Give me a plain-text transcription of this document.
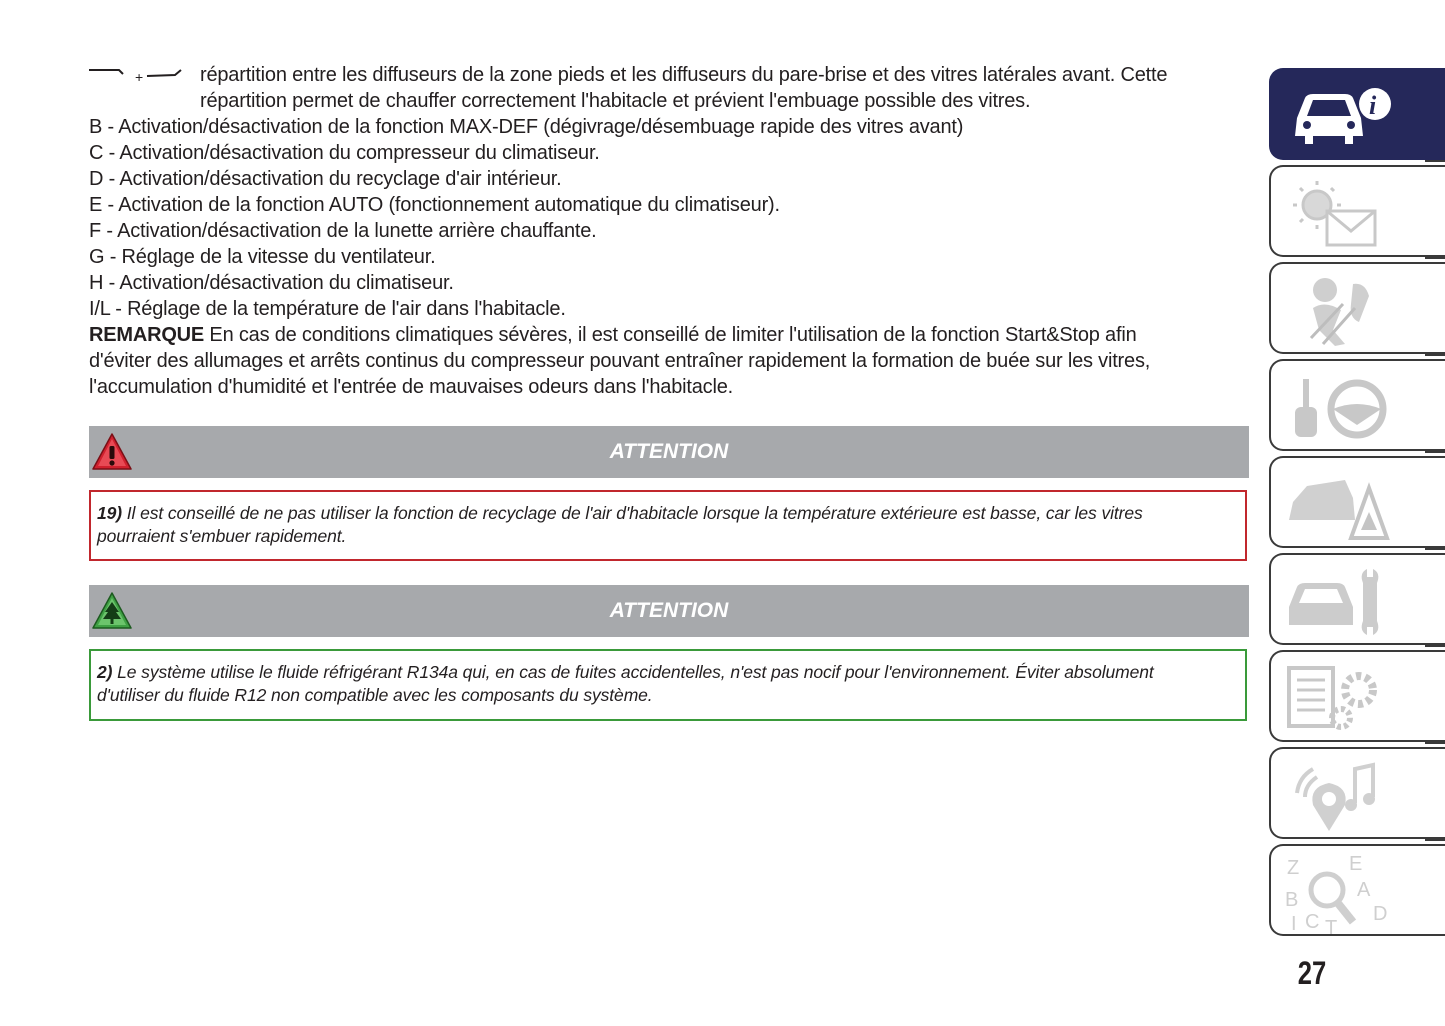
+	répartition entre les diffuseurs de la zone pieds et les diffuseurs du pare-brise et des vitres latérales avant. Cette
répartition permet de chauffer correctement l'habitacle et prévient l'embuage possible des vitres.
B - Activation/désactivation de la fonction MAX-DEF (dégivrage/désembuage rapide des vitres avant)
C - Activation/désactivation du compresseur du climatiseur.
D - Activation/désactivation du recyclage d'air intérieur.
E - Activation de la fonction AUTO (fonctionnement automatique du climatiseur).
F - Activation/désactivation de la lunette arrière chauffante.
G - Réglage de la vitesse du ventilateur.
H - Activation/désactivation du climatiseur.
I/L - Réglage de la température de l'air dans l'habitacle.
REMARQUE En cas de conditions climatiques sévères, il est conseillé de limiter l'utilisation de la fonction Start&Stop afin
d'éviter des allumages et arrêts continus du compresseur pouvant entraîner rapidement la formation de buée sur les vitres,
l'accumulation d'humidité et l'entrée de mauvaises odeurs dans l'habitacle.
ATTENTION
19) Il est conseillé de ne pas utiliser la fonction de recyclage de l'air d'habitacle lorsque la température extérieure est basse, car les vitres
pourraient s'embuer rapidement.
ATTENTION
2) Le système utilise le fluide réfrigérant R134a qui, en cas de fuites accidentelles, n'est pas nocif pour l'environnement. Éviter absolument
d'utiliser du fluide R12 non compatible avec les composants du système.
i
Z E
A
B
D
I C T
27
